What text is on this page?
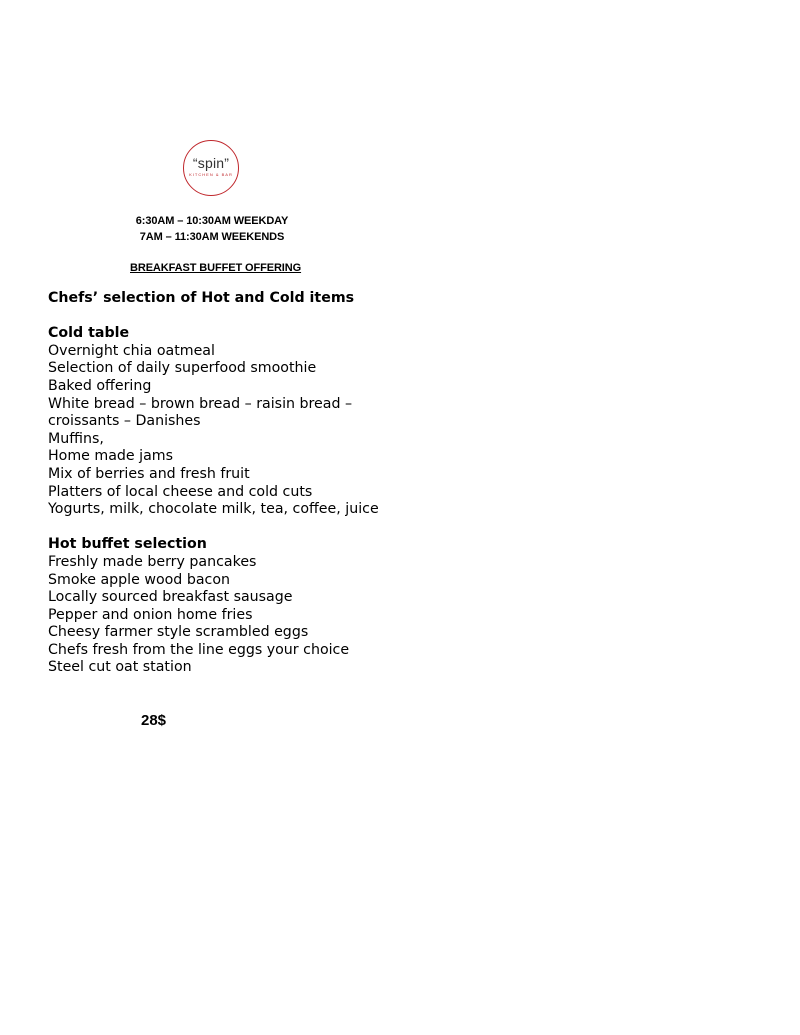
“spin”
KITCHEN & BAR
6:30AM – 10:30AM WEEKDAY
7AM – 11:30AM WEEKENDS
BREAKFAST BUFFET OFFERING
Chefs’ selection of Hot and Cold items
Cold table
Overnight chia oatmeal
Selection of daily superfood smoothie
Baked offering
White bread – brown bread – raisin bread –
croissants – Danishes
Muffins,
Home made jams
Mix of berries and fresh fruit
Platters of local cheese and cold cuts
Yogurts, milk, chocolate milk, tea, coffee, juice
Hot buffet selection
Freshly made berry pancakes
Smoke apple wood bacon
Locally sourced breakfast sausage
Pepper and onion home fries
Cheesy farmer style scrambled eggs
Chefs fresh from the line eggs your choice
Steel cut oat station
28$
